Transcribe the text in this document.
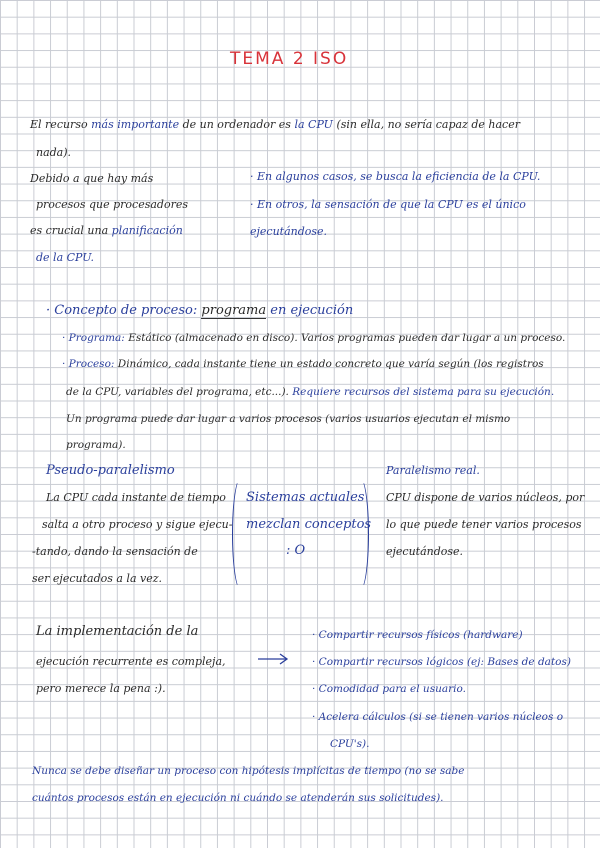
TEMA 2 ISO
El recurso más importante de un ordenador es la CPU (sin ella, no sería capaz de hacer
nada).
Debido a que hay más
procesos que procesadores
es crucial una planificación
de la CPU.
· En algunos casos, se busca la eficiencia de la CPU.
· En otros, la sensación de que la CPU es el único
ejecutándose.
· Concepto de proceso: programa en ejecución
· Programa: Estático (almacenado en disco). Varios programas pueden dar lugar a un proceso.
· Proceso: Dinámico, cada instante tiene un estado concreto que varía según (los registros
de la CPU, variables del programa, etc...). Requiere recursos del sistema para su ejecución.
Un programa puede dar lugar a varios procesos (varios usuarios ejecutan el mismo
programa).
Pseudo-paralelismo
La CPU cada instante de tiempo
salta a otro proceso y sigue ejecu-
-tando, dando la sensación de
ser ejecutados a la vez.
Sistemas actuales
mezclan conceptos
: O
Paralelismo real.
CPU dispone de varios núcleos, por
lo que puede tener varios procesos
ejecutándose.
La implementación de la
ejecución recurrente es compleja,
pero merece la pena :).
· Compartir recursos físicos (hardware)
· Compartir recursos lógicos (ej: Bases de datos)
· Comodidad para el usuario.
· Acelera cálculos (si se tienen varios núcleos o
CPU's).
Nunca se debe diseñar un proceso con hipótesis implícitas de tiempo (no se sabe
cuántos procesos están en ejecución ni cuándo se atenderán sus solicitudes).
